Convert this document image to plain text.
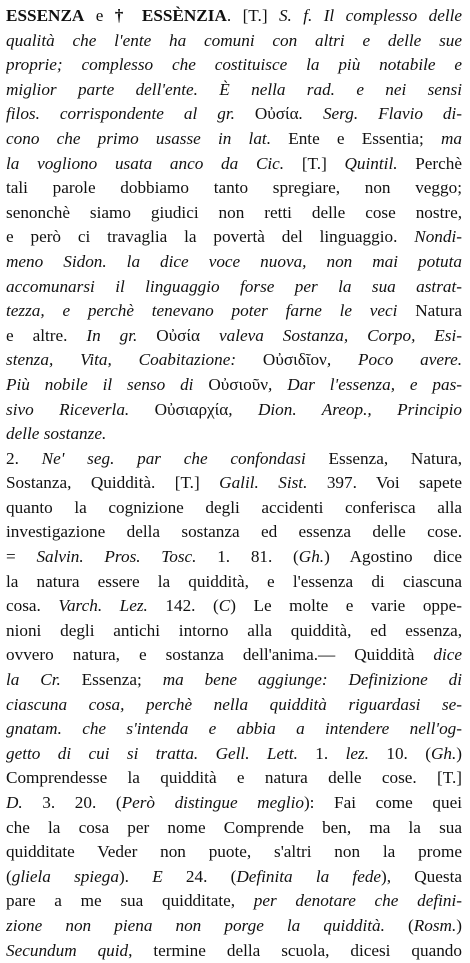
ESSENZA e † ESSÈNZIA. [T.] S. f. Il complesso delle
qualità che l'ente ha comuni con altri e delle sue
proprie; complesso che costituisce la più notabile e
miglior parte dell'ente. È nella rad. e nei sensi
filos. corrispondente al gr. Οὐσία. Serg. Flavio di-
cono che primo usasse in lat. Ente e Essentia; ma
la vogliono usata anco da Cic. [T.] Quintil. Perchè
tali parole dobbiamo tanto spregiare, non veggo;
senonchè siamo giudici non retti delle cose nostre,
e però ci travaglia la povertà del linguaggio. Nondi-
meno Sidon. la dice voce nuova, non mai potuta
accomunarsi il linguaggio forse per la sua astrat-
tezza, e perchè tenevano poter farne le veci Natura
e altre. In gr. Οὐσία valeva Sostanza, Corpo, Esi-
stenza, Vita, Coabitazione: Οὐσιδῖον, Poco avere.
Più nobile il senso di Οὐσιοῦν, Dar l'essenza, e pas-
sivo Riceverla. Οὐσιαρχία, Dion. Areop., Principio
delle sostanze.
2. Ne' seg. par che confondasi Essenza, Natura,
Sostanza, Quiddità. [T.] Galil. Sist. 397. Voi sapete
quanto la cognizione degli accidenti conferisca alla
investigazione della sostanza ed essenza delle cose.
= Salvin. Pros. Tosc. 1. 81. (Gh.) Agostino dice
la natura essere la quiddità, e l'essenza di ciascuna
cosa. Varch. Lez. 142. (C) Le molte e varie oppe-
nioni degli antichi intorno alla quiddità, ed essenza,
ovvero natura, e sostanza dell'anima.— Quiddità dice
la Cr. Essenza; ma bene aggiunge: Definizione di
ciascuna cosa, perchè nella quiddità riguardasi se-
gnatam. che s'intenda e abbia a intendere nell'og-
getto di cui si tratta. Gell. Lett. 1. lez. 10. (Gh.)
Comprendesse la quiddità e natura delle cose. [T.]
D. 3. 20. (Però distingue meglio): Fai come quei
che la cosa per nome Comprende ben, ma la sua
quidditate Veder non puote, s'altri non la prome
(gliela spiega). E 24. (Definita la fede), Questa
pare a me sua quidditate, per denotare che defini-
zione non piena non porge la quiddità. (Rosm.)
Secundum quid, termine della scuola, dicesi quando
